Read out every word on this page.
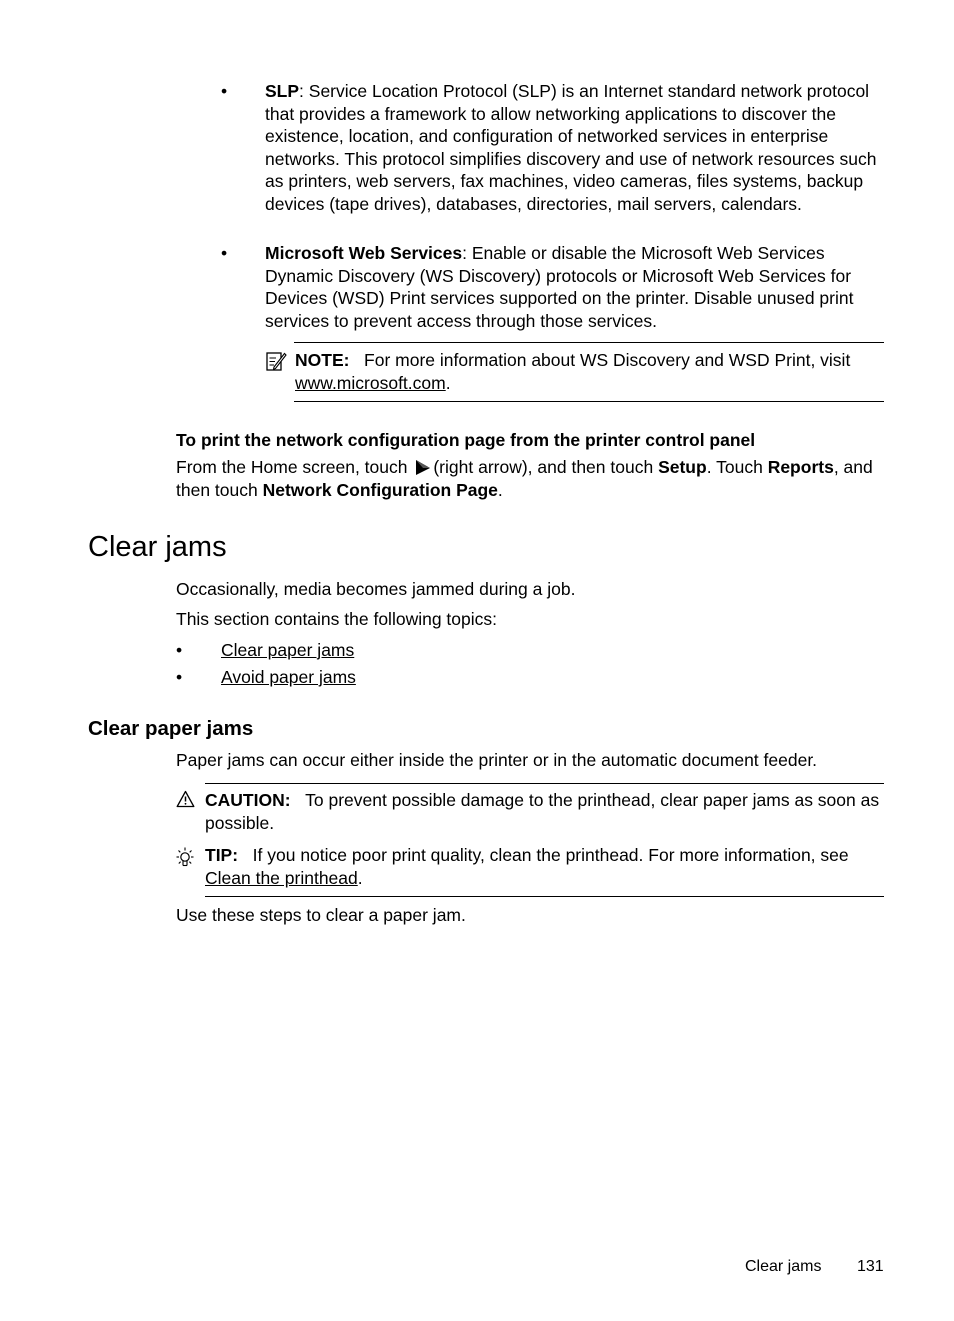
• SLP: Service Location Protocol (SLP) is an Internet standard network protocol that provides a framework to allow networking applications to discover the existence, location, and configuration of networked services in enterprise networks. This protocol simplifies discovery and use of network resources such as printers, web servers, fax machines, video cameras, files systems, backup devices (tape drives), databases, directories, mail servers, calendars.

• Microsoft Web Services: Enable or disable the Microsoft Web Services Dynamic Discovery (WS Discovery) protocols or Microsoft Web Services for Devices (WSD) Print services supported on the printer. Disable unused print services to prevent access through those services.

NOTE: For more information about WS Discovery and WSD Print, visit www.microsoft.com.

To print the network configuration page from the printer control panel

From the Home screen, touch (right arrow), and then touch Setup. Touch Reports, and then touch Network Configuration Page.

Clear jams

Occasionally, media becomes jammed during a job.

This section contains the following topics:

• Clear paper jams
• Avoid paper jams
Clear paper jams

Paper jams can occur either inside the printer or in the automatic document feeder.

CAUTION: To prevent possible damage to the printhead, clear paper jams as soon as possible.

TIP: If you notice poor print quality, clean the printhead. For more information, see Clean the printhead.

Use these steps to clear a paper jam.

Clear jams 131
